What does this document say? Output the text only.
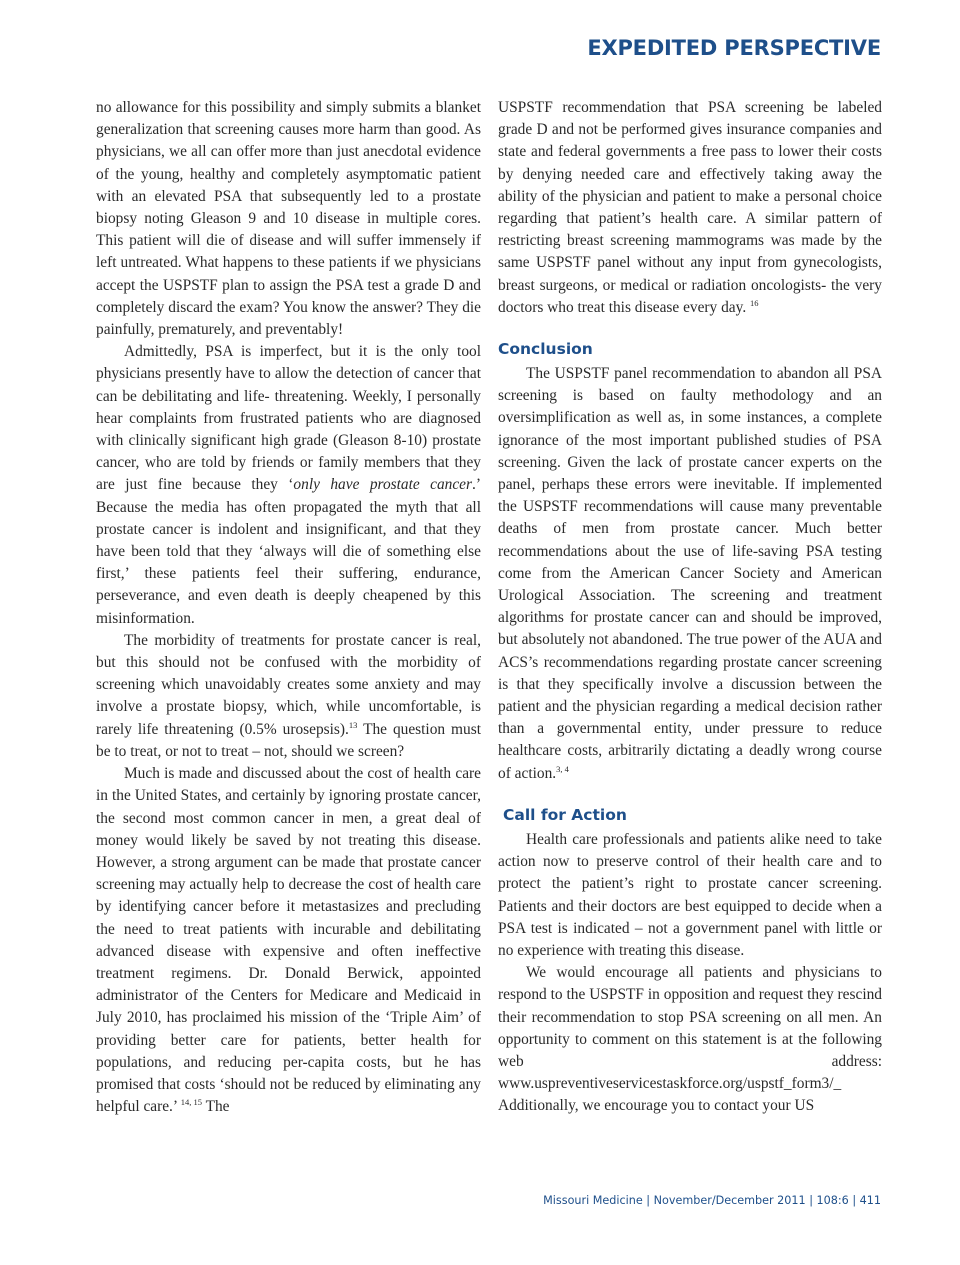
EXPEDITED PERSPECTIVE

no allowance for this possibility and simply submits a blanket generalization that screening causes more harm than good. As physicians, we all can offer more than just anecdotal evidence of the young, healthy and completely asymptomatic patient with an elevated PSA that subsequently led to a prostate biopsy noting Gleason 9 and 10 disease in multiple cores. This patient will die of disease and will suffer immensely if left untreated. What happens to these patients if we physicians accept the USPSTF plan to assign the PSA test a grade D and completely discard the exam? You know the answer? They die painfully, prematurely, and preventably!

Admittedly, PSA is imperfect, but it is the only tool physicians presently have to allow the detection of cancer that can be debilitating and life- threatening. Weekly, I personally hear complaints from frustrated patients who are diagnosed with clinically significant high grade (Gleason 8-10) prostate cancer, who are told by friends or family members that they are just fine because they ‘only have prostate cancer.’ Because the media has often propagated the myth that all prostate cancer is indolent and insignificant, and that they have been told that they ‘always will die of something else first,’ these patients feel their suffering, endurance, perseverance, and even death is deeply cheapened by this misinformation.

The morbidity of treatments for prostate cancer is real, but this should not be confused with the morbidity of screening which unavoidably creates some anxiety and may involve a prostate biopsy, which, while uncomfortable, is rarely life threatening (0.5% urosepsis).$^{13}$ The question must be to treat, or not to treat – not, should we screen?

Much is made and discussed about the cost of health care in the United States, and certainly by ignoring prostate cancer, the second most common cancer in men, a great deal of money would likely be saved by not treating this disease. However, a strong argument can be made that prostate cancer screening may actually help to decrease the cost of health care by identifying cancer before it metastasizes and precluding the need to treat patients with incurable and debilitating advanced disease with expensive and often ineffective treatment regimens. Dr. Donald Berwick, appointed administrator of the Centers for Medicare and Medicaid in July 2010, has proclaimed his mission of the ‘Triple Aim’ of providing better care for patients, better health for populations, and reducing per-capita costs, but he has promised that costs ‘should not be reduced by eliminating any helpful care.’ $^{14, 15}$ The

USPSTF recommendation that PSA screening be labeled grade D and not be performed gives insurance companies and state and federal governments a free pass to lower their costs by denying needed care and effectively taking away the ability of the physician and patient to make a personal choice regarding that patient’s health care. A similar pattern of restricting breast screening mammograms was made by the same USPSTF panel without any input from gynecologists, breast surgeons, or medical or radiation oncologists- the very doctors who treat this disease every day. $^{16}$

Conclusion

The USPSTF panel recommendation to abandon all PSA screening is based on faulty methodology and an oversimplification as well as, in some instances, a complete ignorance of the most important published studies of PSA screening. Given the lack of prostate cancer experts on the panel, perhaps these errors were inevitable. If implemented the USPSTF recommendations will cause many preventable deaths of men from prostate cancer. Much better recommendations about the use of life-saving PSA testing come from the American Cancer Society and American Urological Association. The screening and treatment algorithms for prostate cancer can and should be improved, but absolutely not abandoned. The true power of the AUA and ACS’s recommendations regarding prostate cancer screening is that they specifically involve a discussion between the patient and the physician regarding a medical decision rather than a governmental entity, under pressure to reduce healthcare costs, arbitrarily dictating a deadly wrong course of action.$^{3, 4}$

Call for Action

Health care professionals and patients alike need to take action now to preserve control of their health care and to protect the patient’s right to prostate cancer screening. Patients and their doctors are best equipped to decide when a PSA test is indicated – not a government panel with little or no experience with treating this disease.

We would encourage all patients and physicians to respond to the USPSTF in opposition and request they rescind their recommendation to stop PSA screening on all men. An opportunity to comment on this statement is at the following web address: www.uspreventiveservicestaskforce.org/uspstf_form3/_ Additionally, we encourage you to contact your US

Missouri Medicine | November/December 2011 | 108:6 | 411
